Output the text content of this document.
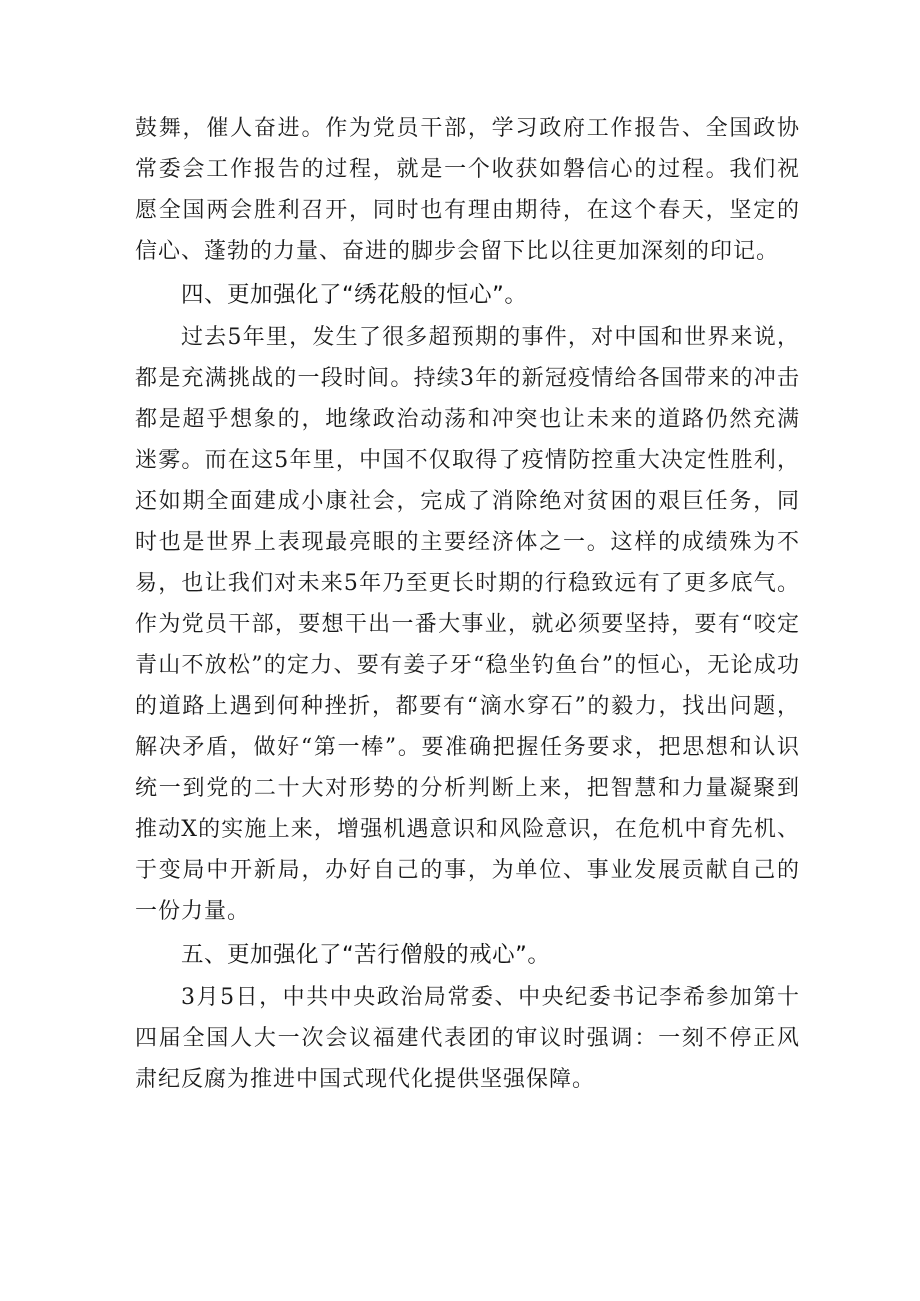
鼓舞，催人奋进。作为党员干部，学习政府工作报告、全国政协常委会工作报告的过程，就是一个收获如磐信心的过程。我们祝愿全国两会胜利召开，同时也有理由期待，在这个春天，坚定的信心、蓬勃的力量、奋进的脚步会留下比以往更加深刻的印记。

四、更加强化了“绣花般的恒心”。

过去5年里，发生了很多超预期的事件，对中国和世界来说，都是充满挑战的一段时间。持续3年的新冠疫情给各国带来的冲击都是超乎想象的，地缘政治动荡和冲突也让未来的道路仍然充满迷雾。而在这5年里，中国不仅取得了疫情防控重大决定性胜利，还如期全面建成小康社会，完成了消除绝对贫困的艰巨任务，同时也是世界上表现最亮眼的主要经济体之一。这样的成绩殊为不易，也让我们对未来5年乃至更长时期的行稳致远有了更多底气。作为党员干部，要想干出一番大事业，就必须要坚持，要有“咬定青山不放松”的定力、要有姜子牙“稳坐钓鱼台”的恒心，无论成功的道路上遇到何种挫折，都要有“滴水穿石”的毅力，找出问题，解决矛盾，做好“第一棒”。要准确把握任务要求，把思想和认识统一到党的二十大对形势的分析判断上来，把智慧和力量凝聚到推动X的实施上来，增强机遇意识和风险意识，在危机中育先机、于变局中开新局，办好自己的事，为单位、事业发展贡献自己的一份力量。

五、更加强化了“苦行僧般的戒心”。

3月5日，中共中央政治局常委、中央纪委书记李希参加第十四届全国人大一次会议福建代表团的审议时强调：一刻不停正风肃纪反腐为推进中国式现代化提供坚强保障。
